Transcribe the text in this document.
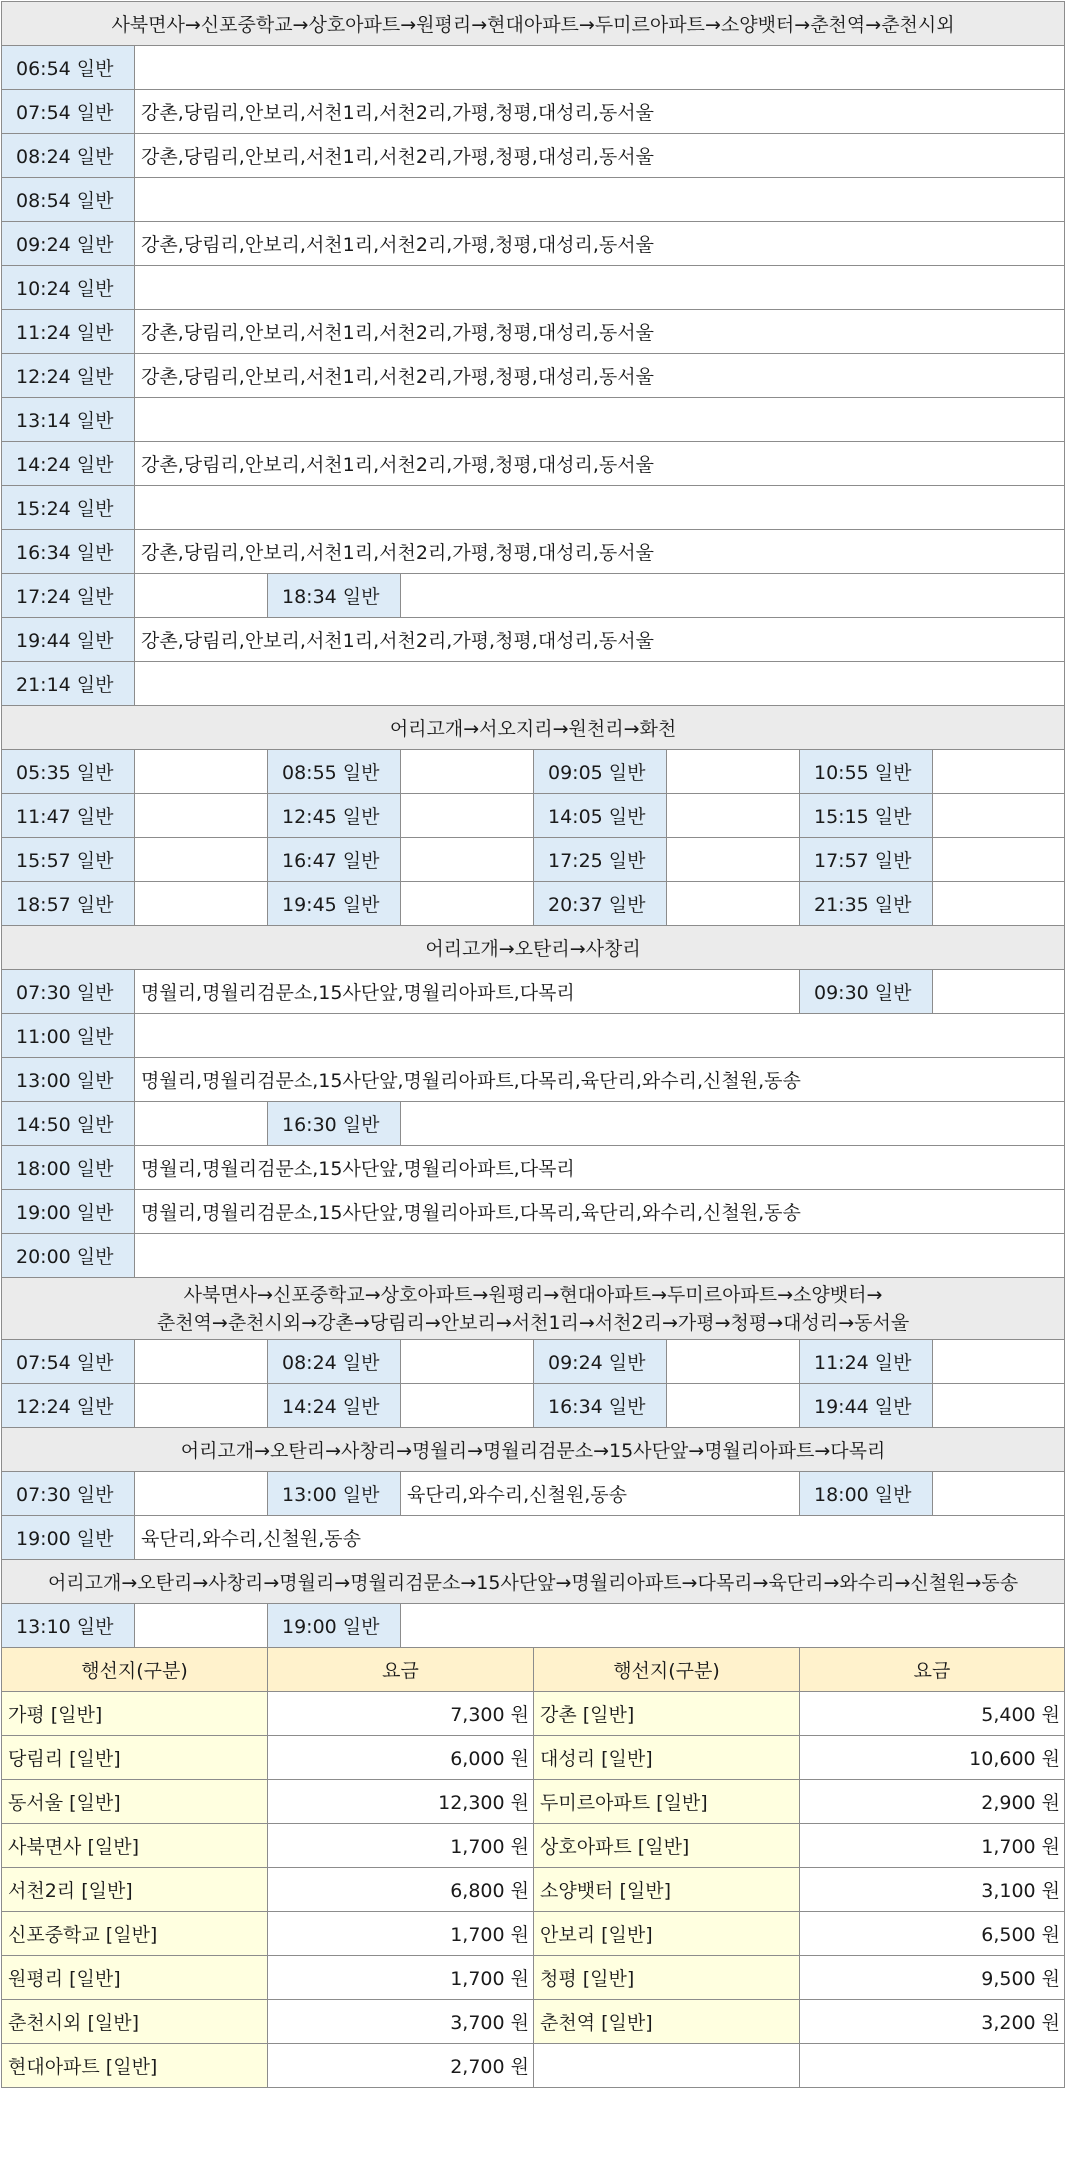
사북면사→신포중학교→상호아파트→원평리→현대아파트→두미르아파트→소양뱃터→춘천역→춘천시외							
06:54 일반							
07:54 일반	강촌,당림리,안보리,서천1리,서천2리,가평,청평,대성리,동서울						
08:24 일반	강촌,당림리,안보리,서천1리,서천2리,가평,청평,대성리,동서울						
08:54 일반							
09:24 일반	강촌,당림리,안보리,서천1리,서천2리,가평,청평,대성리,동서울						
10:24 일반							
11:24 일반	강촌,당림리,안보리,서천1리,서천2리,가평,청평,대성리,동서울						
12:24 일반	강촌,당림리,안보리,서천1리,서천2리,가평,청평,대성리,동서울						
13:14 일반							
14:24 일반	강촌,당림리,안보리,서천1리,서천2리,가평,청평,대성리,동서울						
15:24 일반							
16:34 일반	강촌,당림리,안보리,서천1리,서천2리,가평,청평,대성리,동서울						
17:24 일반		18:34 일반					
19:44 일반	강촌,당림리,안보리,서천1리,서천2리,가평,청평,대성리,동서울						
21:14 일반							
어리고개→서오지리→원천리→화천							
05:35 일반		08:55 일반		09:05 일반		10:55 일반	
11:47 일반		12:45 일반		14:05 일반		15:15 일반	
15:57 일반		16:47 일반		17:25 일반		17:57 일반	
18:57 일반		19:45 일반		20:37 일반		21:35 일반	
어리고개→오탄리→사창리							
07:30 일반	명월리,명월리검문소,15사단앞,명월리아파트,다목리					09:30 일반	
11:00 일반							
13:00 일반	명월리,명월리검문소,15사단앞,명월리아파트,다목리,육단리,와수리,신철원,동송						
14:50 일반		16:30 일반					
18:00 일반	명월리,명월리검문소,15사단앞,명월리아파트,다목리						
19:00 일반	명월리,명월리검문소,15사단앞,명월리아파트,다목리,육단리,와수리,신철원,동송						
20:00 일반							

사북면사→신포중학교→상호아파트→원평리→현대아파트→두미르아파트→소양뱃터→
춘천역→춘천시외→강촌→당림리→안보리→서천1리→서천2리→가평→청평→대성리→동서울							

07:54 일반		08:24 일반		09:24 일반		11:24 일반	
12:24 일반		14:24 일반		16:34 일반		19:44 일반	
어리고개→오탄리→사창리→명월리→명월리검문소→15사단앞→명월리아파트→다목리							
07:30 일반		13:00 일반	육단리,와수리,신철원,동송			18:00 일반	
19:00 일반	육단리,와수리,신철원,동송						
어리고개→오탄리→사창리→명월리→명월리검문소→15사단앞→명월리아파트→다목리→육단리→와수리→신철원→동송							
13:10 일반		19:00 일반					
행선지(구분)		요금		행선지(구분)		요금	
가평 [일반]		7,300 원		강촌 [일반]		5,400 원	
당림리 [일반]		6,000 원		대성리 [일반]		10,600 원	
동서울 [일반]		12,300 원		두미르아파트 [일반]		2,900 원	
사북면사 [일반]		1,700 원		상호아파트 [일반]		1,700 원	
서천2리 [일반]		6,800 원		소양뱃터 [일반]		3,100 원	
신포중학교 [일반]		1,700 원		안보리 [일반]		6,500 원	
원평리 [일반]		1,700 원		청평 [일반]		9,500 원	
춘천시외 [일반]		3,700 원		춘천역 [일반]		3,200 원	
현대아파트 [일반]		2,700 원					
